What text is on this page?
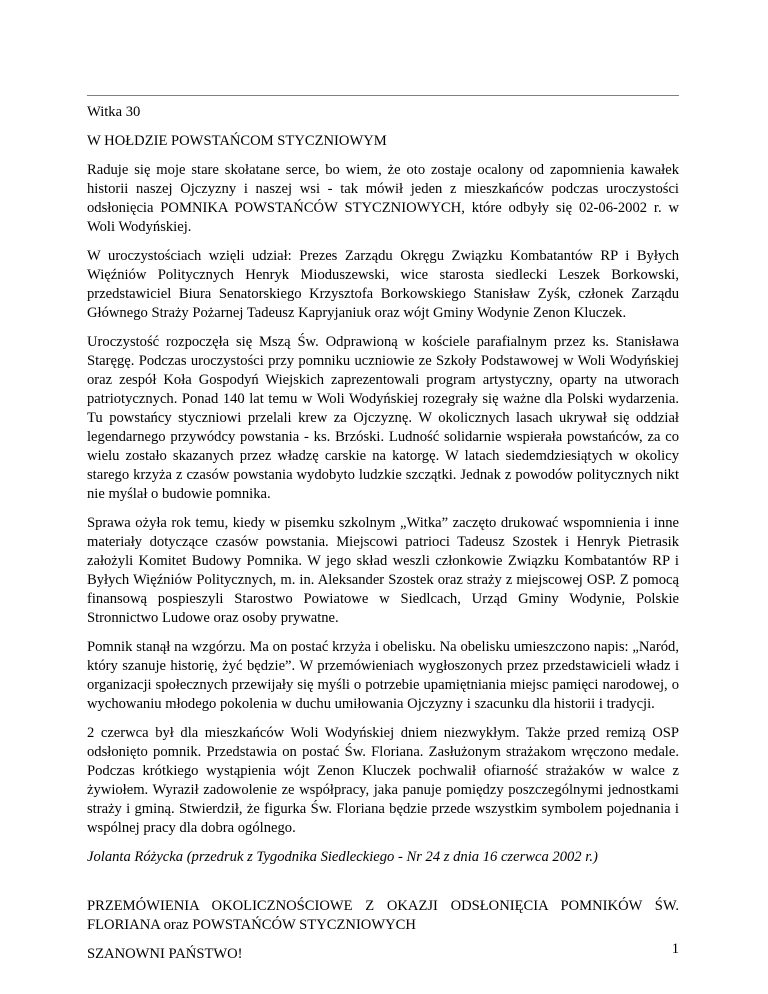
Witka 30

W HOŁDZIE POWSTAŃCOM STYCZNIOWYM

Raduje się moje stare skołatane serce, bo wiem, że oto zostaje ocalony od zapomnienia kawałek historii naszej Ojczyzny i naszej wsi - tak mówił jeden z mieszkańców podczas uroczystości odsłonięcia POMNIKA POWSTAŃCÓW STYCZNIOWYCH, które odbyły się 02-06-2002 r. w Woli Wodyńskiej.

W uroczystościach wzięli udział: Prezes Zarządu Okręgu Związku Kombatantów RP i Byłych Więźniów Politycznych Henryk Mioduszewski, wice starosta siedlecki Leszek Borkowski, przedstawiciel Biura Senatorskiego Krzysztofa Borkowskiego Stanisław Zyśk, członek Zarządu Głównego Straży Pożarnej Tadeusz Kapryjaniuk oraz wójt Gminy Wodynie Zenon Kluczek.

Uroczystość rozpoczęła się Mszą Św. Odprawioną w kościele parafialnym przez ks. Stanisława Staręgę. Podczas uroczystości przy pomniku uczniowie ze Szkoły Podstawowej w Woli Wodyńskiej oraz zespół Koła Gospodyń Wiejskich zaprezentowali program artystyczny, oparty na utworach patriotycznych. Ponad 140 lat temu w Woli Wodyńskiej rozegrały się ważne dla Polski wydarzenia. Tu powstańcy styczniowi przelali krew za Ojczyznę. W okolicznych lasach ukrywał się oddział legendarnego przywódcy powstania - ks. Brzóski. Ludność solidarnie wspierała powstańców, za co wielu zostało skazanych przez władzę carskie na katorgę. W latach siedemdziesiątych w okolicy starego krzyża z czasów powstania wydobyto ludzkie szczątki. Jednak z powodów politycznych nikt nie myślał o budowie pomnika.

Sprawa ożyła rok temu, kiedy w pisemku szkolnym „Witka” zaczęto drukować wspomnienia i inne materiały dotyczące czasów powstania. Miejscowi patrioci Tadeusz Szostek i Henryk Pietrasik założyli Komitet Budowy Pomnika. W jego skład weszli członkowie Związku Kombatantów RP i Byłych Więźniów Politycznych, m. in. Aleksander Szostek oraz straży z miejscowej OSP. Z pomocą finansową pospieszyli Starostwo Powiatowe w Siedlcach, Urząd Gminy Wodynie, Polskie Stronnictwo Ludowe oraz osoby prywatne.

Pomnik stanął na wzgórzu. Ma on postać krzyża i obelisku. Na obelisku umieszczono napis: „Naród, który szanuje historię, żyć będzie”. W przemówieniach wygłoszonych przez przedstawicieli władz i organizacji społecznych przewijały się myśli o potrzebie upamiętniania miejsc pamięci narodowej, o wychowaniu młodego pokolenia w duchu umiłowania Ojczyzny i szacunku dla historii i tradycji.

2 czerwca był dla mieszkańców Woli Wodyńskiej dniem niezwykłym. Także przed remizą OSP odsłonięto pomnik. Przedstawia on postać Św. Floriana. Zasłużonym strażakom wręczono medale. Podczas krótkiego wystąpienia wójt Zenon Kluczek pochwalił ofiarność strażaków w walce z żywiołem. Wyraził zadowolenie ze współpracy, jaka panuje pomiędzy poszczególnymi jednostkami straży i gminą. Stwierdził, że figurka Św. Floriana będzie przede wszystkim symbolem pojednania i wspólnej pracy dla dobra ogólnego.

Jolanta Różycka (przedruk z Tygodnika Siedleckiego - Nr 24 z dnia 16 czerwca 2002 r.)

PRZEMÓWIENIA OKOLICZNOŚCIOWE Z OKAZJI ODSŁONIĘCIA POMNIKÓW ŚW. FLORIANA oraz POWSTAŃCÓW STYCZNIOWYCH

SZANOWNI PAŃSTWO!	1
